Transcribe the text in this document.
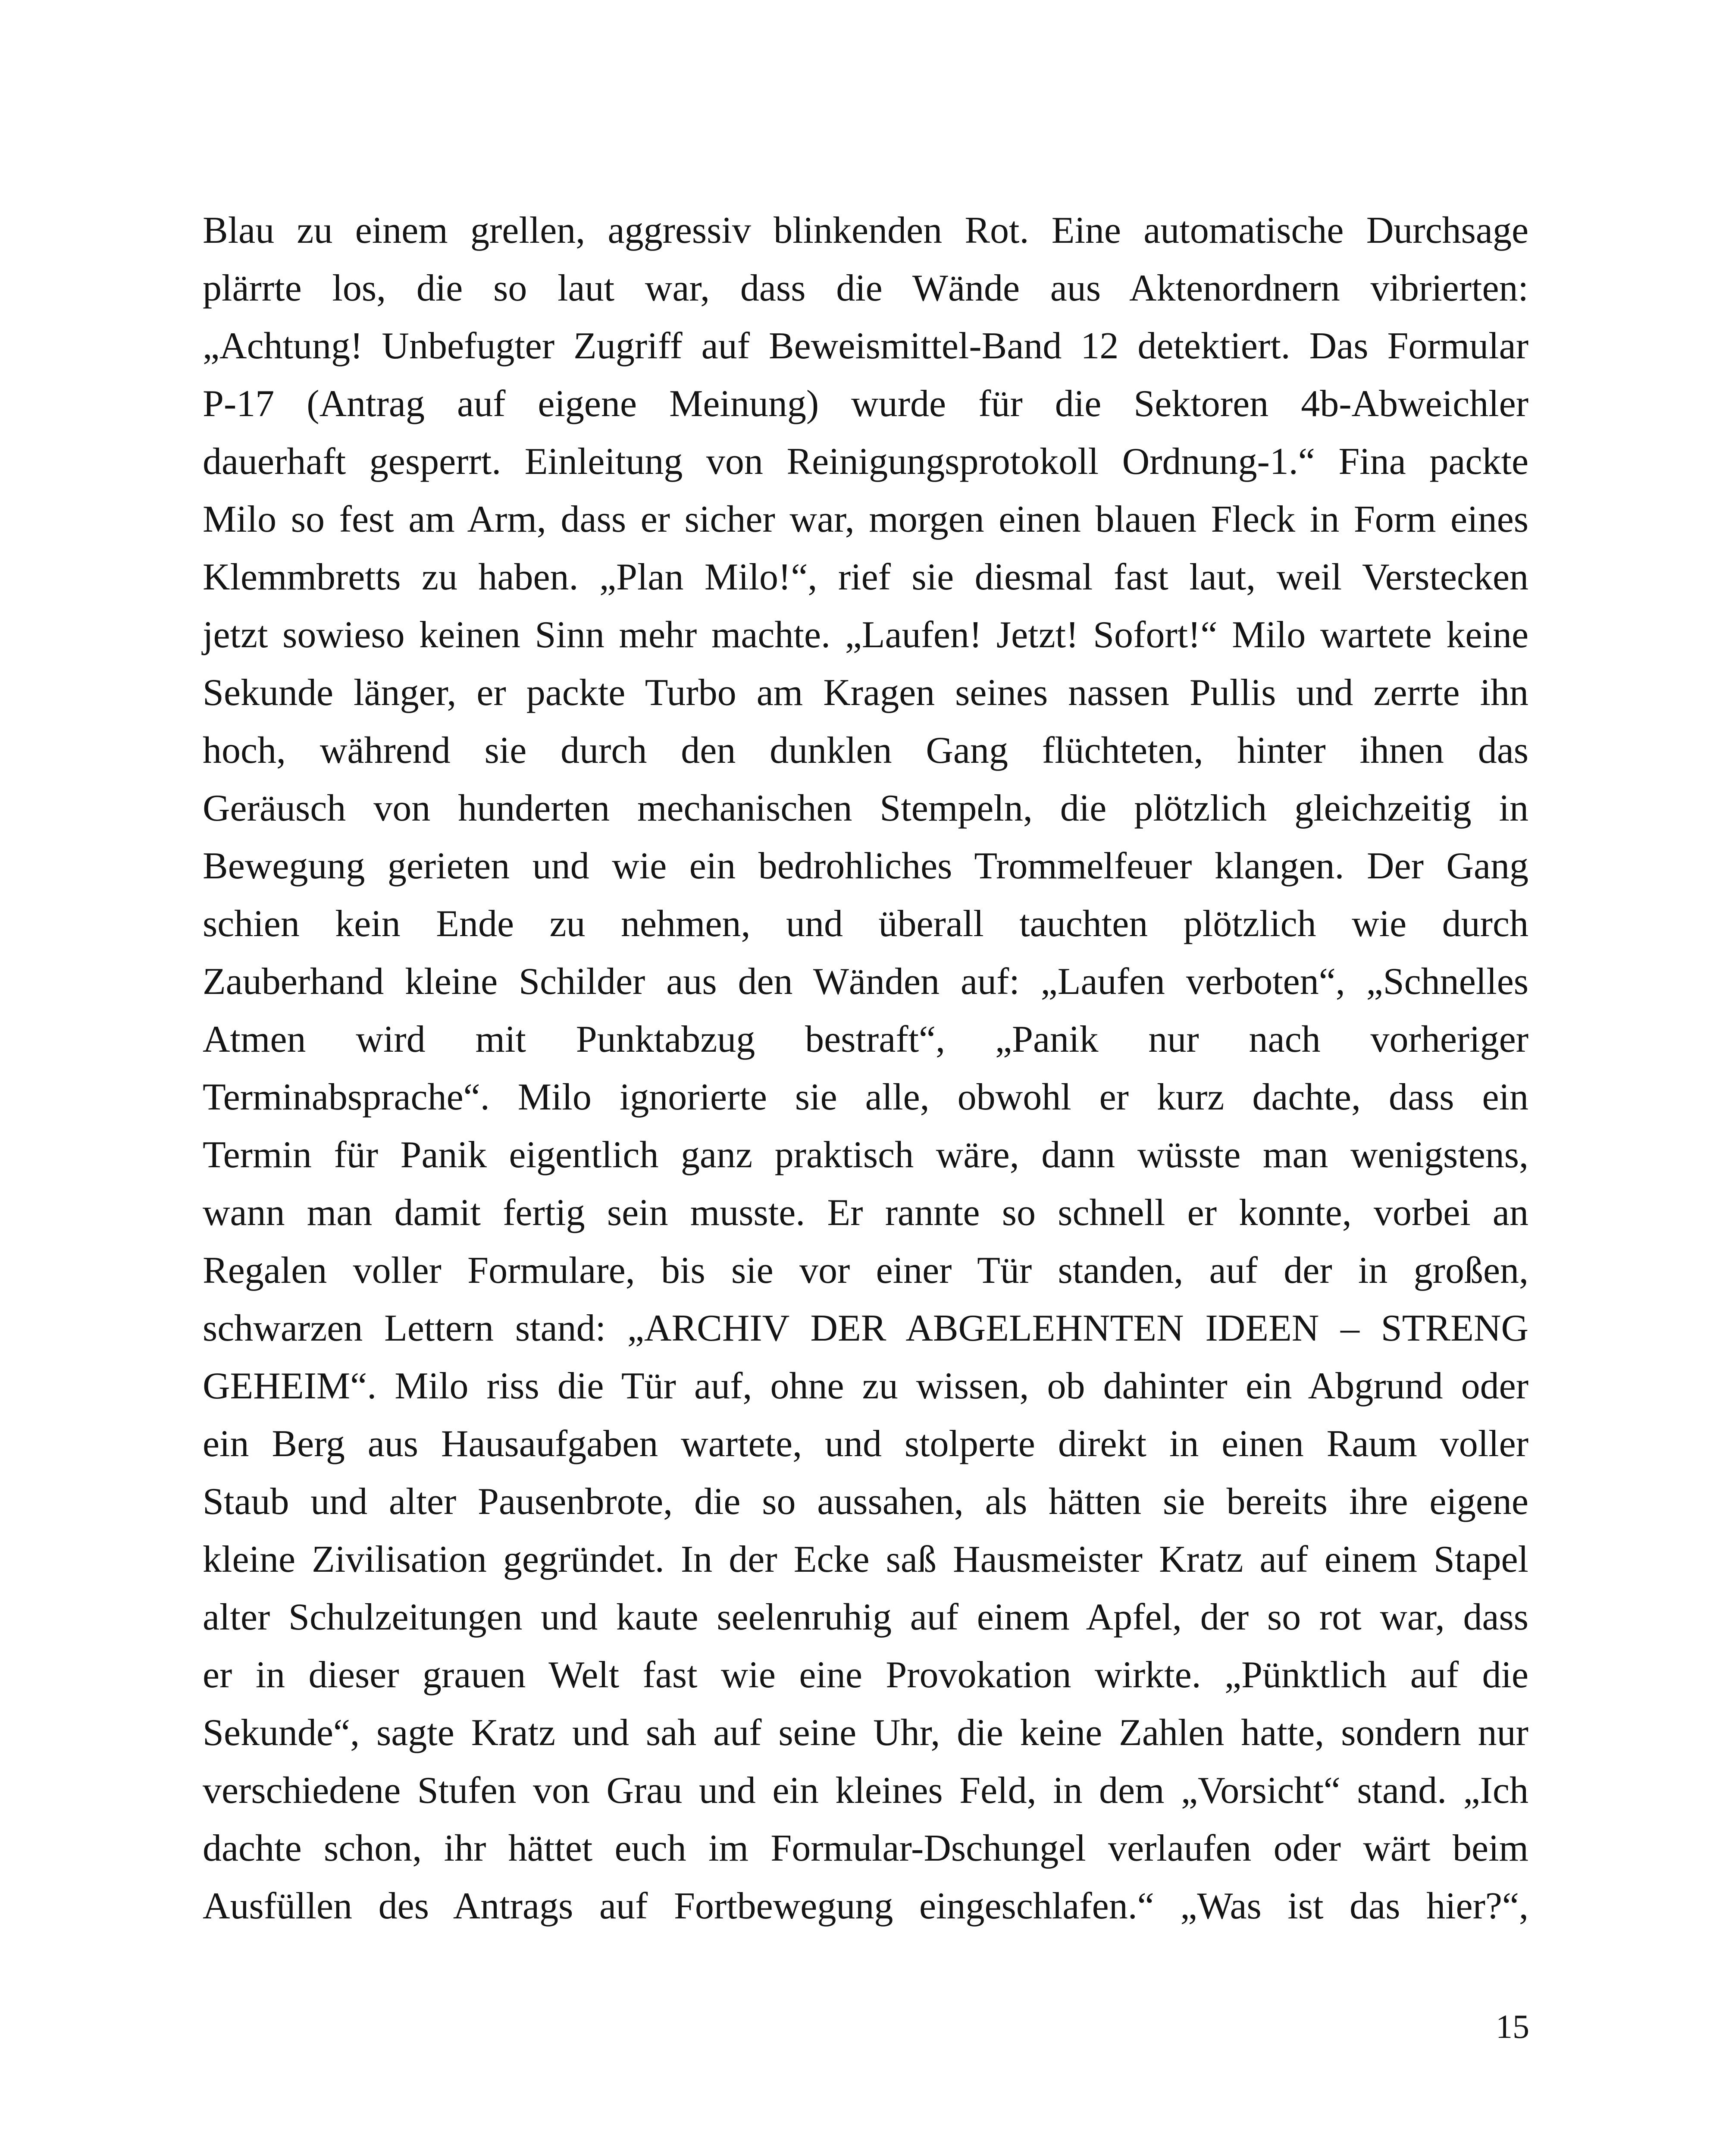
Blau zu einem grellen, aggressiv blinkenden Rot. Eine automatische Durchsage
plärrte los, die so laut war, dass die Wände aus Aktenordnern vibrierten:
„Achtung! Unbefugter Zugriff auf Beweismittel-Band 12 detektiert. Das Formular
P-17 (Antrag auf eigene Meinung) wurde für die Sektoren 4b-Abweichler
dauerhaft gesperrt. Einleitung von Reinigungsprotokoll Ordnung-1.“ Fina packte
Milo so fest am Arm, dass er sicher war, morgen einen blauen Fleck in Form eines
Klemmbretts zu haben. „Plan Milo!“, rief sie diesmal fast laut, weil Verstecken
jetzt sowieso keinen Sinn mehr machte. „Laufen! Jetzt! Sofort!“ Milo wartete keine
Sekunde länger, er packte Turbo am Kragen seines nassen Pullis und zerrte ihn
hoch, während sie durch den dunklen Gang flüchteten, hinter ihnen das
Geräusch von hunderten mechanischen Stempeln, die plötzlich gleichzeitig in
Bewegung gerieten und wie ein bedrohliches Trommelfeuer klangen. Der Gang
schien kein Ende zu nehmen, und überall tauchten plötzlich wie durch
Zauberhand kleine Schilder aus den Wänden auf: „Laufen verboten“, „Schnelles
Atmen wird mit Punktabzug bestraft“, „Panik nur nach vorheriger
Terminabsprache“. Milo ignorierte sie alle, obwohl er kurz dachte, dass ein
Termin für Panik eigentlich ganz praktisch wäre, dann wüsste man wenigstens,
wann man damit fertig sein musste. Er rannte so schnell er konnte, vorbei an
Regalen voller Formulare, bis sie vor einer Tür standen, auf der in großen,
schwarzen Lettern stand: „ARCHIV DER ABGELEHNTEN IDEEN – STRENG
GEHEIM“. Milo riss die Tür auf, ohne zu wissen, ob dahinter ein Abgrund oder
ein Berg aus Hausaufgaben wartete, und stolperte direkt in einen Raum voller
Staub und alter Pausenbrote, die so aussahen, als hätten sie bereits ihre eigene
kleine Zivilisation gegründet. In der Ecke saß Hausmeister Kratz auf einem Stapel
alter Schulzeitungen und kaute seelenruhig auf einem Apfel, der so rot war, dass
er in dieser grauen Welt fast wie eine Provokation wirkte. „Pünktlich auf die
Sekunde“, sagte Kratz und sah auf seine Uhr, die keine Zahlen hatte, sondern nur
verschiedene Stufen von Grau und ein kleines Feld, in dem „Vorsicht“ stand. „Ich
dachte schon, ihr hättet euch im Formular-Dschungel verlaufen oder wärt beim
Ausfüllen des Antrags auf Fortbewegung eingeschlafen.“ „Was ist das hier?“,
15
